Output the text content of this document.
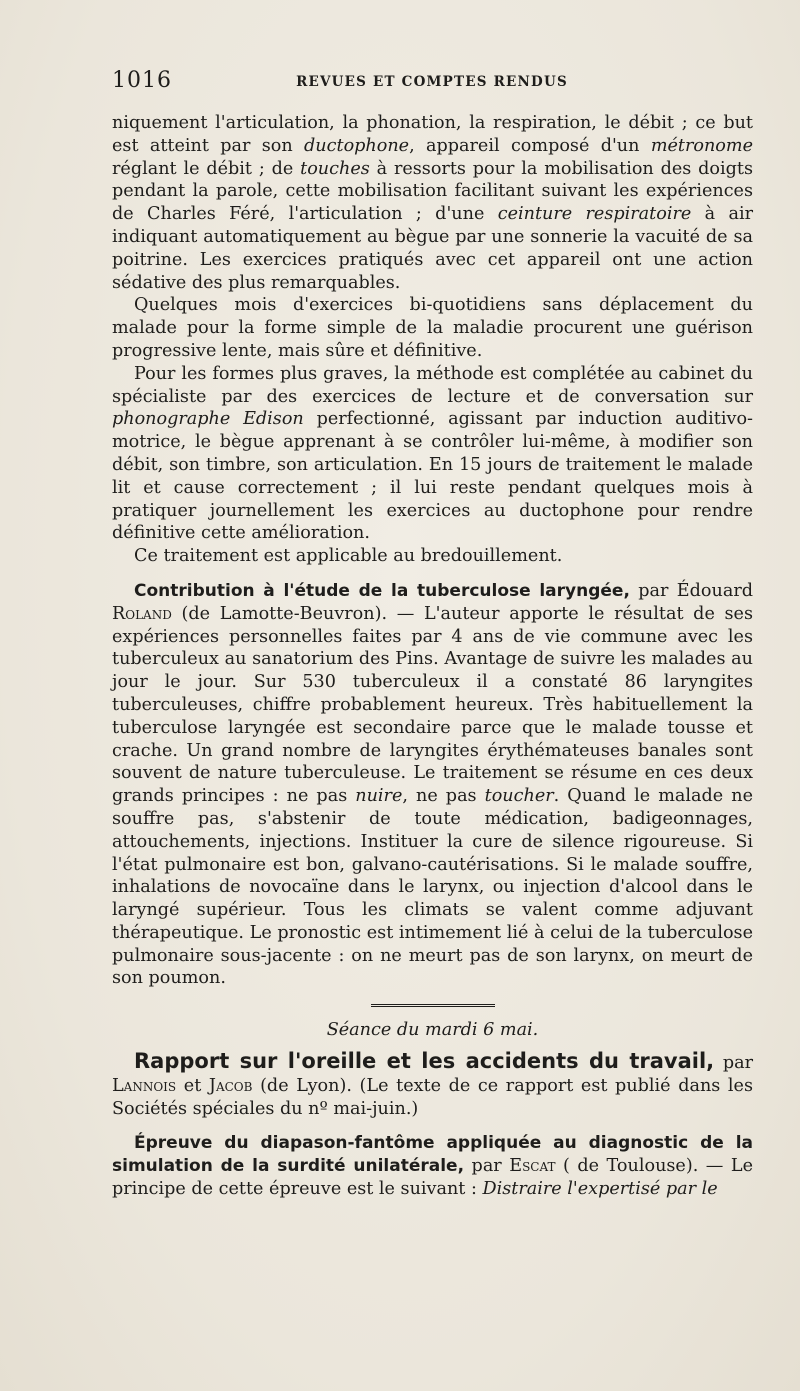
1016	REVUES ET COMPTES RENDUS

niquement l'articulation, la phonation, la respiration, le débit ; ce but est atteint par son ductophone, appareil composé d'un métronome réglant le débit ; de touches à ressorts pour la mobilisation des doigts pendant la parole, cette mobilisation facilitant suivant les expériences de Charles Féré, l'articulation ; d'une ceinture respiratoire à air indiquant automatiquement au bègue par une sonnerie la vacuité de sa poitrine. Les exercices pratiqués avec cet appareil ont une action sédative des plus remarquables.

Quelques mois d'exercices bi-quotidiens sans déplacement du malade pour la forme simple de la maladie procurent une guérison progressive lente, mais sûre et définitive.

Pour les formes plus graves, la méthode est complétée au cabinet du spécialiste par des exercices de lecture et de conversation sur phonographe Edison perfectionné, agissant par induction auditivo-motrice, le bègue apprenant à se contrôler lui-même, à modifier son débit, son timbre, son articulation. En 15 jours de traitement le malade lit et cause correctement ; il lui reste pendant quelques mois à pratiquer journellement les exercices au ductophone pour rendre définitive cette amélioration.

Ce traitement est applicable au bredouillement.

Contribution à l'étude de la tuberculose laryngée, par Édouard Roland (de Lamotte-Beuvron). — L'auteur apporte le résultat de ses expériences personnelles faites par 4 ans de vie commune avec les tuberculeux au sanatorium des Pins. Avantage de suivre les malades au jour le jour. Sur 530 tuberculeux il a constaté 86 laryngites tuberculeuses, chiffre probablement heureux. Très habituellement la tuberculose laryngée est secondaire parce que le malade tousse et crache. Un grand nombre de laryngites érythémateuses banales sont souvent de nature tuberculeuse. Le traitement se résume en ces deux grands principes : ne pas nuire, ne pas toucher. Quand le malade ne souffre pas, s'abstenir de toute médication, badigeonnages, attouchements, injections. Instituer la cure de silence rigoureuse. Si l'état pulmonaire est bon, galvano-cautérisations. Si le malade souffre, inhalations de novocaïne dans le larynx, ou injection d'alcool dans le laryngé supérieur. Tous les climats se valent comme adjuvant thérapeutique. Le pronostic est intimement lié à celui de la tuberculose pulmonaire sous-jacente : on ne meurt pas de son larynx, on meurt de son poumon.

Séance du mardi 6 mai.

Rapport sur l'oreille et les accidents du travail, par Lannois et Jacob (de Lyon). (Le texte de ce rapport est publié dans les Sociétés spéciales du nº mai-juin.)

Épreuve du diapason-fantôme appliquée au diagnostic de la simulation de la surdité unilatérale, par Escat ( de Toulouse). — Le principe de cette épreuve est le suivant : Distraire l'expertisé par le
